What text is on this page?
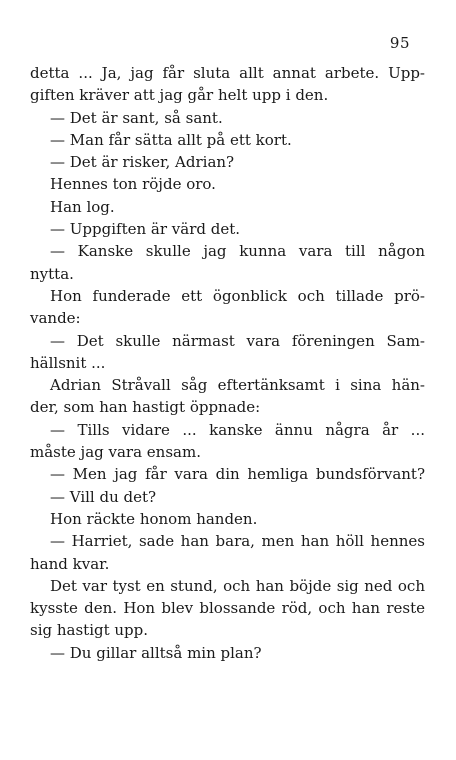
95
detta ... Ja, jag får sluta allt annat arbete. Upp-
giften kräver att jag går helt upp i den.
— Det är sant, så sant.
— Man får sätta allt på ett kort.
— Det är risker, Adrian?
Hennes ton röjde oro.
Han log.
— Uppgiften är värd det.
— Kanske skulle jag kunna vara till någon
nytta.
Hon funderade ett ögonblick och tillade prö-
vande:
— Det skulle närmast vara föreningen Sam-
hällsnit ...
Adrian Stråvall såg eftertänksamt i sina hän-
der, som han hastigt öppnade:
— Tills vidare ... kanske ännu några år ...
måste jag vara ensam.
— Men jag får vara din hemliga bundsförvant?
— Vill du det?
Hon räckte honom handen.
— Harriet, sade han bara, men han höll hennes
hand kvar.
Det var tyst en stund, och han böjde sig ned och
kysste den. Hon blev blossande röd, och han reste
sig hastigt upp.
— Du gillar alltså min plan?
